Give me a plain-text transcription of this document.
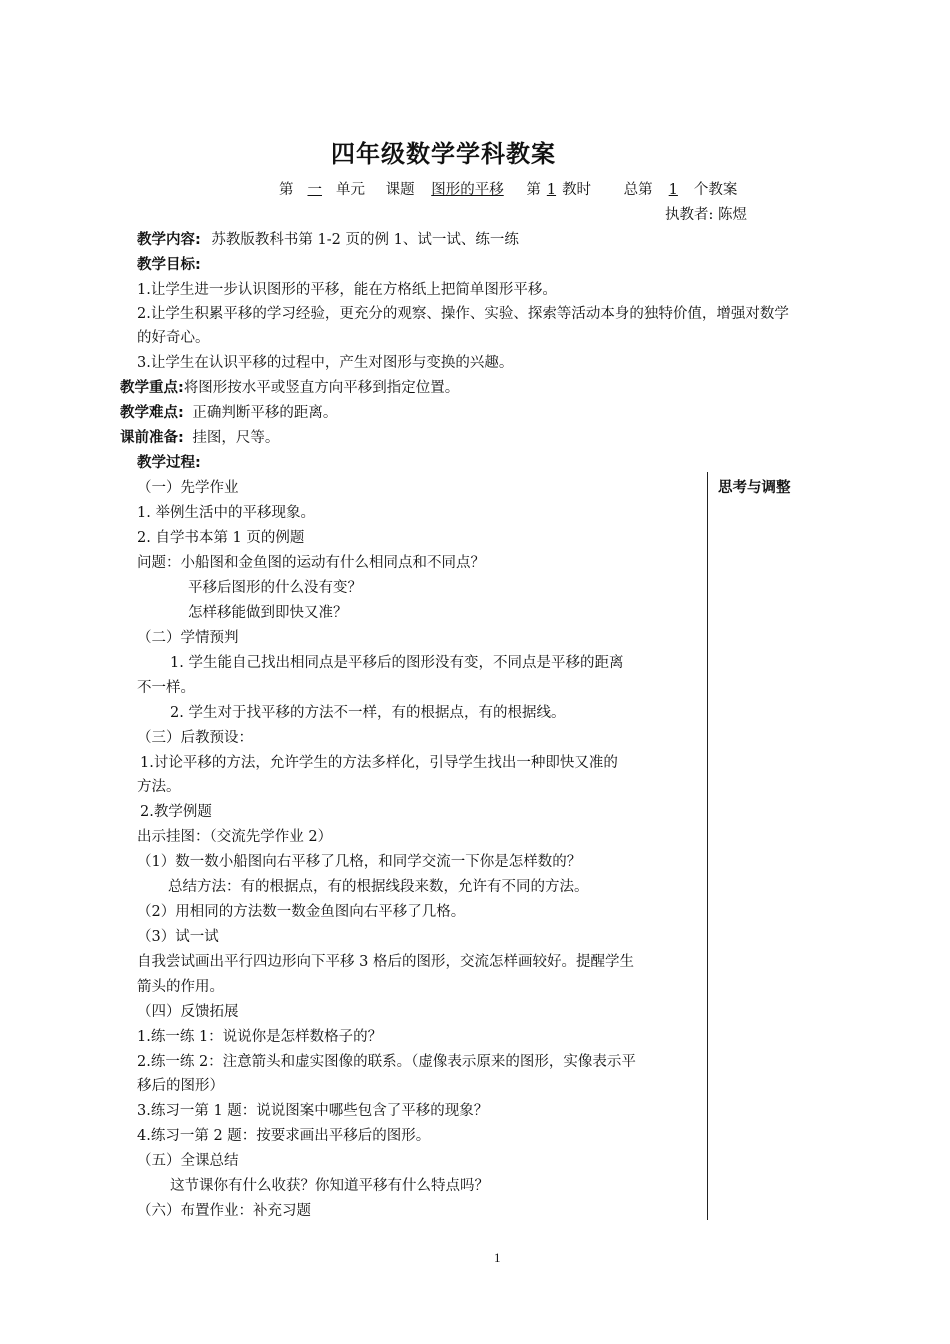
四年级数学学科教案
第 一 单元 课题 图形的平移 第 1 教时 总第 1 个教案
执教者: 陈煜
教学内容: 苏教版教科书第 1-2 页的例 1、试一试、练一练
教学目标:
1.让学生进一步认识图形的平移，能在方格纸上把简单图形平移。
2.让学生积累平移的学习经验，更充分的观察、操作、实验、探索等活动本身的独特价值，增强对数学
的好奇心。
3.让学生在认识平移的过程中，产生对图形与变换的兴趣。
教学重点:将图形按水平或竖直方向平移到指定位置。
教学难点: 正确判断平移的距离。
课前准备: 挂图，尺等。
教学过程:
思考与调整
（一）先学作业
1. 举例生活中的平移现象。
2. 自学书本第 1 页的例题
问题：小船图和金鱼图的运动有什么相同点和不同点？
平移后图形的什么没有变？
怎样移能做到即快又准？
（二）学情预判
1. 学生能自己找出相同点是平移后的图形没有变，不同点是平移的距离
不一样。
2. 学生对于找平移的方法不一样，有的根据点，有的根据线。
（三）后教预设：
1.讨论平移的方法，允许学生的方法多样化，引导学生找出一种即快又准的
方法。
2.教学例题
出示挂图：（交流先学作业 2）
（1）数一数小船图向右平移了几格，和同学交流一下你是怎样数的？
总结方法：有的根据点，有的根据线段来数，允许有不同的方法。
（2）用相同的方法数一数金鱼图向右平移了几格。
（3）试一试
自我尝试画出平行四边形向下平移 3 格后的图形，交流怎样画较好。提醒学生
箭头的作用。
（四）反馈拓展
1.练一练 1：说说你是怎样数格子的？
2.练一练 2：注意箭头和虚实图像的联系。（虚像表示原来的图形，实像表示平
移后的图形）
3.练习一第 1 题：说说图案中哪些包含了平移的现象？
4.练习一第 2 题：按要求画出平移后的图形。
（五）全课总结
这节课你有什么收获？你知道平移有什么特点吗？
（六）布置作业：补充习题
1
